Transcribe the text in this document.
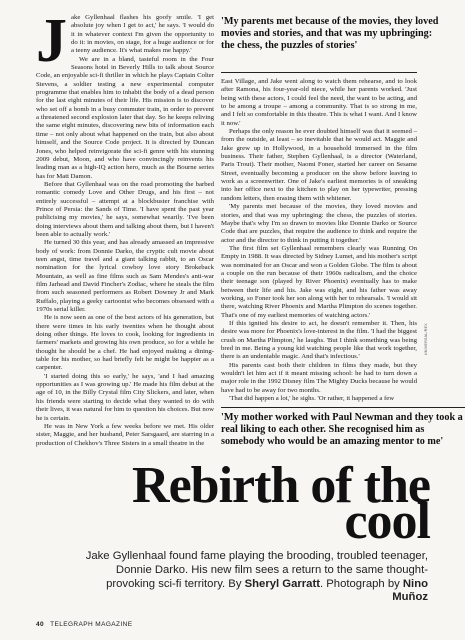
J ake Gyllenhaal flashes his goofy smile. 'I get absolute joy when I get to act,' he says. 'I would do it in whatever context I'm given the opportunity to do it: in movies, on stage, for a huge audience or for a teeny audience. It's what makes me happy.'

We are in a bland, tasteful room in the Four Seasons hotel in Beverly Hills to talk about Source Code, an enjoyable sci-fi thriller in which he plays Captain Colter Stevens, a soldier testing a new experimental computer programme that enables him to inhabit the body of a dead person for the last eight minutes of their life. His mission is to discover who set off a bomb in a busy commuter train, in order to prevent a threatened second explosion later that day. So he keeps reliving the same eight minutes, discovering new bits of information each time – not only about what happened on the train, but also about himself, and the Source Code project. It is directed by Duncan Jones, who helped reinvigorate the sci-fi genre with his stunning 2009 debut, Moon, and who have convincingly reinvents his leading man as a high-IQ action hero, much as the Bourne series has for Matt Damon.

Before that Gyllenhaal was on the road promoting the barbed romantic comedy Love and Other Drugs, and his first – not entirely successful – attempt at a blockbuster franchise with Prince of Persia: the Sands of Time. 'I have spent the past year publicising my movies,' he says, somewhat wearily. 'I've been doing interviews about them and talking about them, but I haven't been able to actually work.'

He turned 30 this year, and has already amassed an impressive body of work: from Donnie Darko, the cryptic cult movie about teen angst, time travel and a giant talking rabbit, to an Oscar nomination for the lyrical cowboy love story Brokeback Mountain, as well as fine films such as Sam Mendes's anti-war film Jarhead and David Fincher's Zodiac, where he steals the film from such seasoned performers as Robert Downey Jr and Mark Ruffalo, playing a geeky cartoonist who becomes obsessed with a 1970s serial killer.

He is now seen as one of the best actors of his generation, but there were times in his early twenties when he thought about doing other things. He loves to cook, looking for ingredients in farmers' markets and growing his own produce, so for a while he thought he should be a chef. He had enjoyed making a dining-table for his mother, so had briefly felt he might be happier as a carpenter.

'I started doing this so early,' he says, 'and I had amazing opportunities as I was growing up.' He made his film debut at the age of 10, in the Billy Crystal film City Slickers, and later, when his friends were starting to decide what they wanted to do with their lives, it was natural for him to question his choices. But now he is certain.

He was in New York a few weeks before we met. His older sister, Maggie, and her husband, Peter Sarsgaard, are starring in a production of Chekhov's Three Sisters in a small theatre in the

'My parents met because of the movies, they loved movies and stories, and that was my upbringing: the chess, the puzzles of stories'

East Village, and Jake went along to watch them rehearse, and to look after Ramona, his four-year-old niece, while her parents worked. 'Just being with these actors, I could feel the need, the want to be acting, and to be among a troupe – among a community. That is so strong in me, and I felt so comfortable in this theatre. This is what I want. And I know it now.'

Perhaps the only reason he ever doubted himself was that it seemed – from the outside, at least – so inevitable that he would act. Maggie and Jake grew up in Hollywood, in a household immersed in the film business. Their father, Stephen Gyllenhaal, is a director (Waterland, Paris Trout). Their mother, Naomi Foner, started her career on Sesame Street, eventually becoming a producer on the show before leaving to work as a screenwriter. One of Jake's earliest memories is of sneaking into her office next to the kitchen to play on her typewriter, pressing random letters, then erasing them with whitener.

'My parents met because of the movies, they loved movies and stories, and that was my upbringing: the chess, the puzzles of stories. Maybe that's why I'm so drawn to movies like Donnie Darko or Source Code that are puzzles, that require the audience to think and require the actor and the director to think in putting it together.'

The first film set Gyllenhaal remembers clearly was Running On Empty in 1988. It was directed by Sidney Lumet, and his mother's script was nominated for an Oscar and won a Golden Globe. The film is about a couple on the run because of their 1960s radicalism, and the choice their teenage son (played by River Phoenix) eventually has to make between their life and his. Jake was eight, and his father was away working, so Foner took her son along with her to rehearsals. 'I would sit there, watching River Phoenix and Martha Plimpton do scenes together. That's one of my earliest memories of watching actors.'

If this ignited his desire to act, he doesn't remember it. Then, his desire was more for Phoenix's love-interest in the film. 'I had the biggest crush on Martha Plimpton,' he laughs. 'But I think something was being bred in me. Being a young kid watching people like that work together, there is an undeniable magic. And that's infectious.'

His parents cast both their children in films they made, but they wouldn't let him act if it meant missing school: he had to turn down a major role in the 1992 Disney film The Mighty Ducks because he would have had to be away for two months.

'That did happen a lot,' he sighs. 'Or rather, it happened a few

UNIVERSAL/REX
'My mother worked with Paul Newman and they took a real liking to each other. She recognised him as somebody who would be an amazing mentor to me'
Rebirth of the cool
Jake Gyllenhaal found fame playing the brooding, troubled teenager, Donnie Darko. His new film sees a return to the same thought-provoking sci-fi territory. By Sheryl Garratt. Photograph by Nino Muñoz
40 TELEGRAPH MAGAZINE
